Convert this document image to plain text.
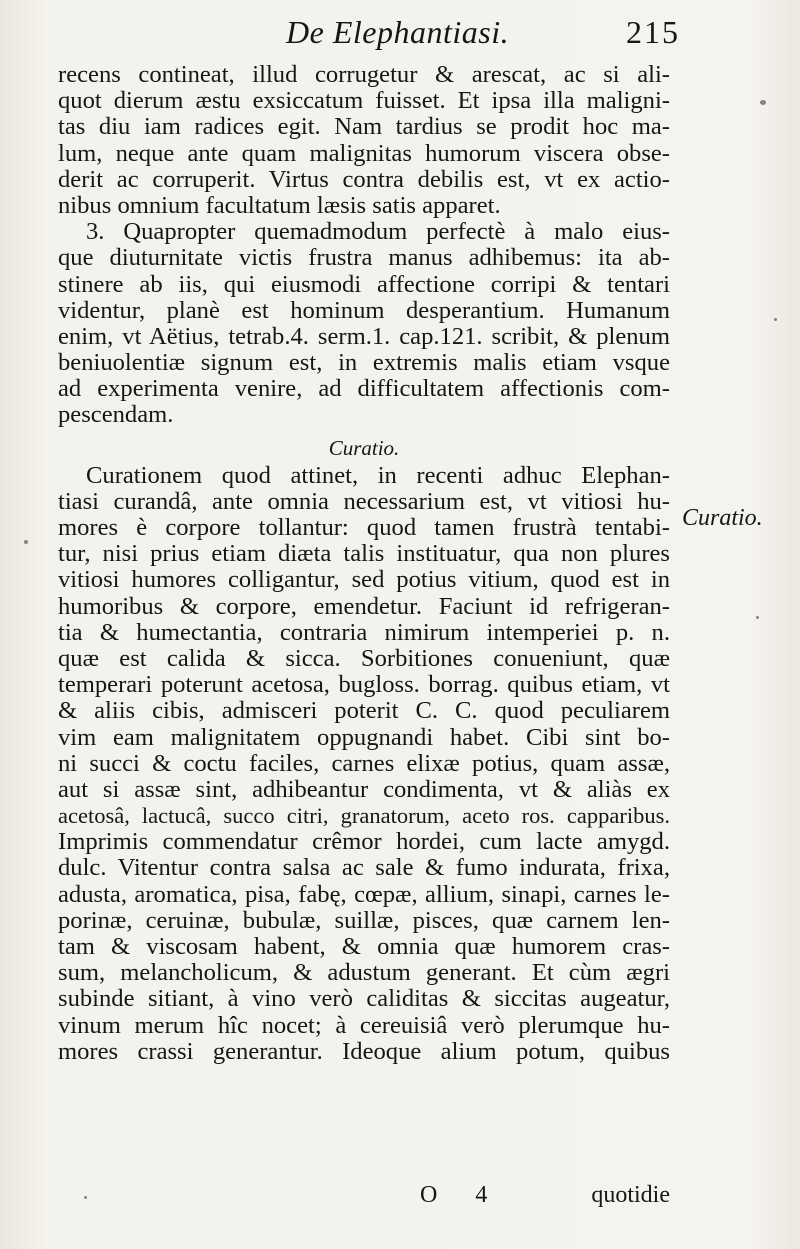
De Elephantiasi.	215
recens contineat, illud corrugetur & arescat, ac si ali-
quot dierum æstu exsiccatum fuisset. Et ipsa illa maligni-
tas diu iam radices egit. Nam tardius se prodit hoc ma-
lum, neque ante quam malignitas humorum viscera obse-
derit ac corruperit. Virtus contra debilis est, vt ex actio-
nibus omnium facultatum læsis satis apparet.
3. Quapropter quemadmodum perfectè à malo eius-
que diuturnitate victis frustra manus adhibemus: ita ab-
stinere ab iis, qui eiusmodi affectione corripi & tentari
videntur, planè est hominum desperantium. Humanum
enim, vt Aëtius, tetrab.4. serm.1. cap.121. scribit, & plenum
beniuolentiæ signum est, in extremis malis etiam vsque
ad experimenta venire, ad difficultatem affectionis com-
pescendam.
Curatio.
Curationem quod attinet, in recenti adhuc Elephan-
tiasi curandâ, ante omnia necessarium est, vt vitiosi hu-
mores è corpore tollantur: quod tamen frustrà tentabi-
tur, nisi prius etiam diæta talis instituatur, qua non plures
vitiosi humores colligantur, sed potius vitium, quod est in
humoribus & corpore, emendetur. Faciunt id refrigeran-
tia & humectantia, contraria nimirum intemperiei p. n.
quæ est calida & sicca. Sorbitiones conueniunt, quæ
temperari poterunt acetosa, bugloss. borrag. quibus etiam, vt
& aliis cibis, admisceri poterit C. C. quod peculiarem
vim eam malignitatem oppugnandi habet. Cibi sint bo-
ni succi & coctu faciles, carnes elixæ potius, quam assæ,
aut si assæ sint, adhibeantur condimenta, vt & aliàs ex
acetosâ, lactucâ, succo citri, granatorum, aceto ros. capparibus.
Imprimis commendatur crêmor hordei, cum lacte amygd.
dulc. Vitentur contra salsa ac sale & fumo indurata, frixa,
adusta, aromatica, pisa, fabę, cœpæ, allium, sinapi, carnes le-
porinæ, ceruinæ, bubulæ, suillæ, pisces, quæ carnem len-
tam & viscosam habent, & omnia quæ humorem cras-
sum, melancholicum, & adustum generant. Et cùm ægri
subinde sitiant, à vino verò caliditas & siccitas augeatur,
vinum merum hîc nocet; à cereuisiâ verò plerumque hu-
mores crassi generantur. Ideoque alium potum, quibus
Curatio.
O 4	quotidie
